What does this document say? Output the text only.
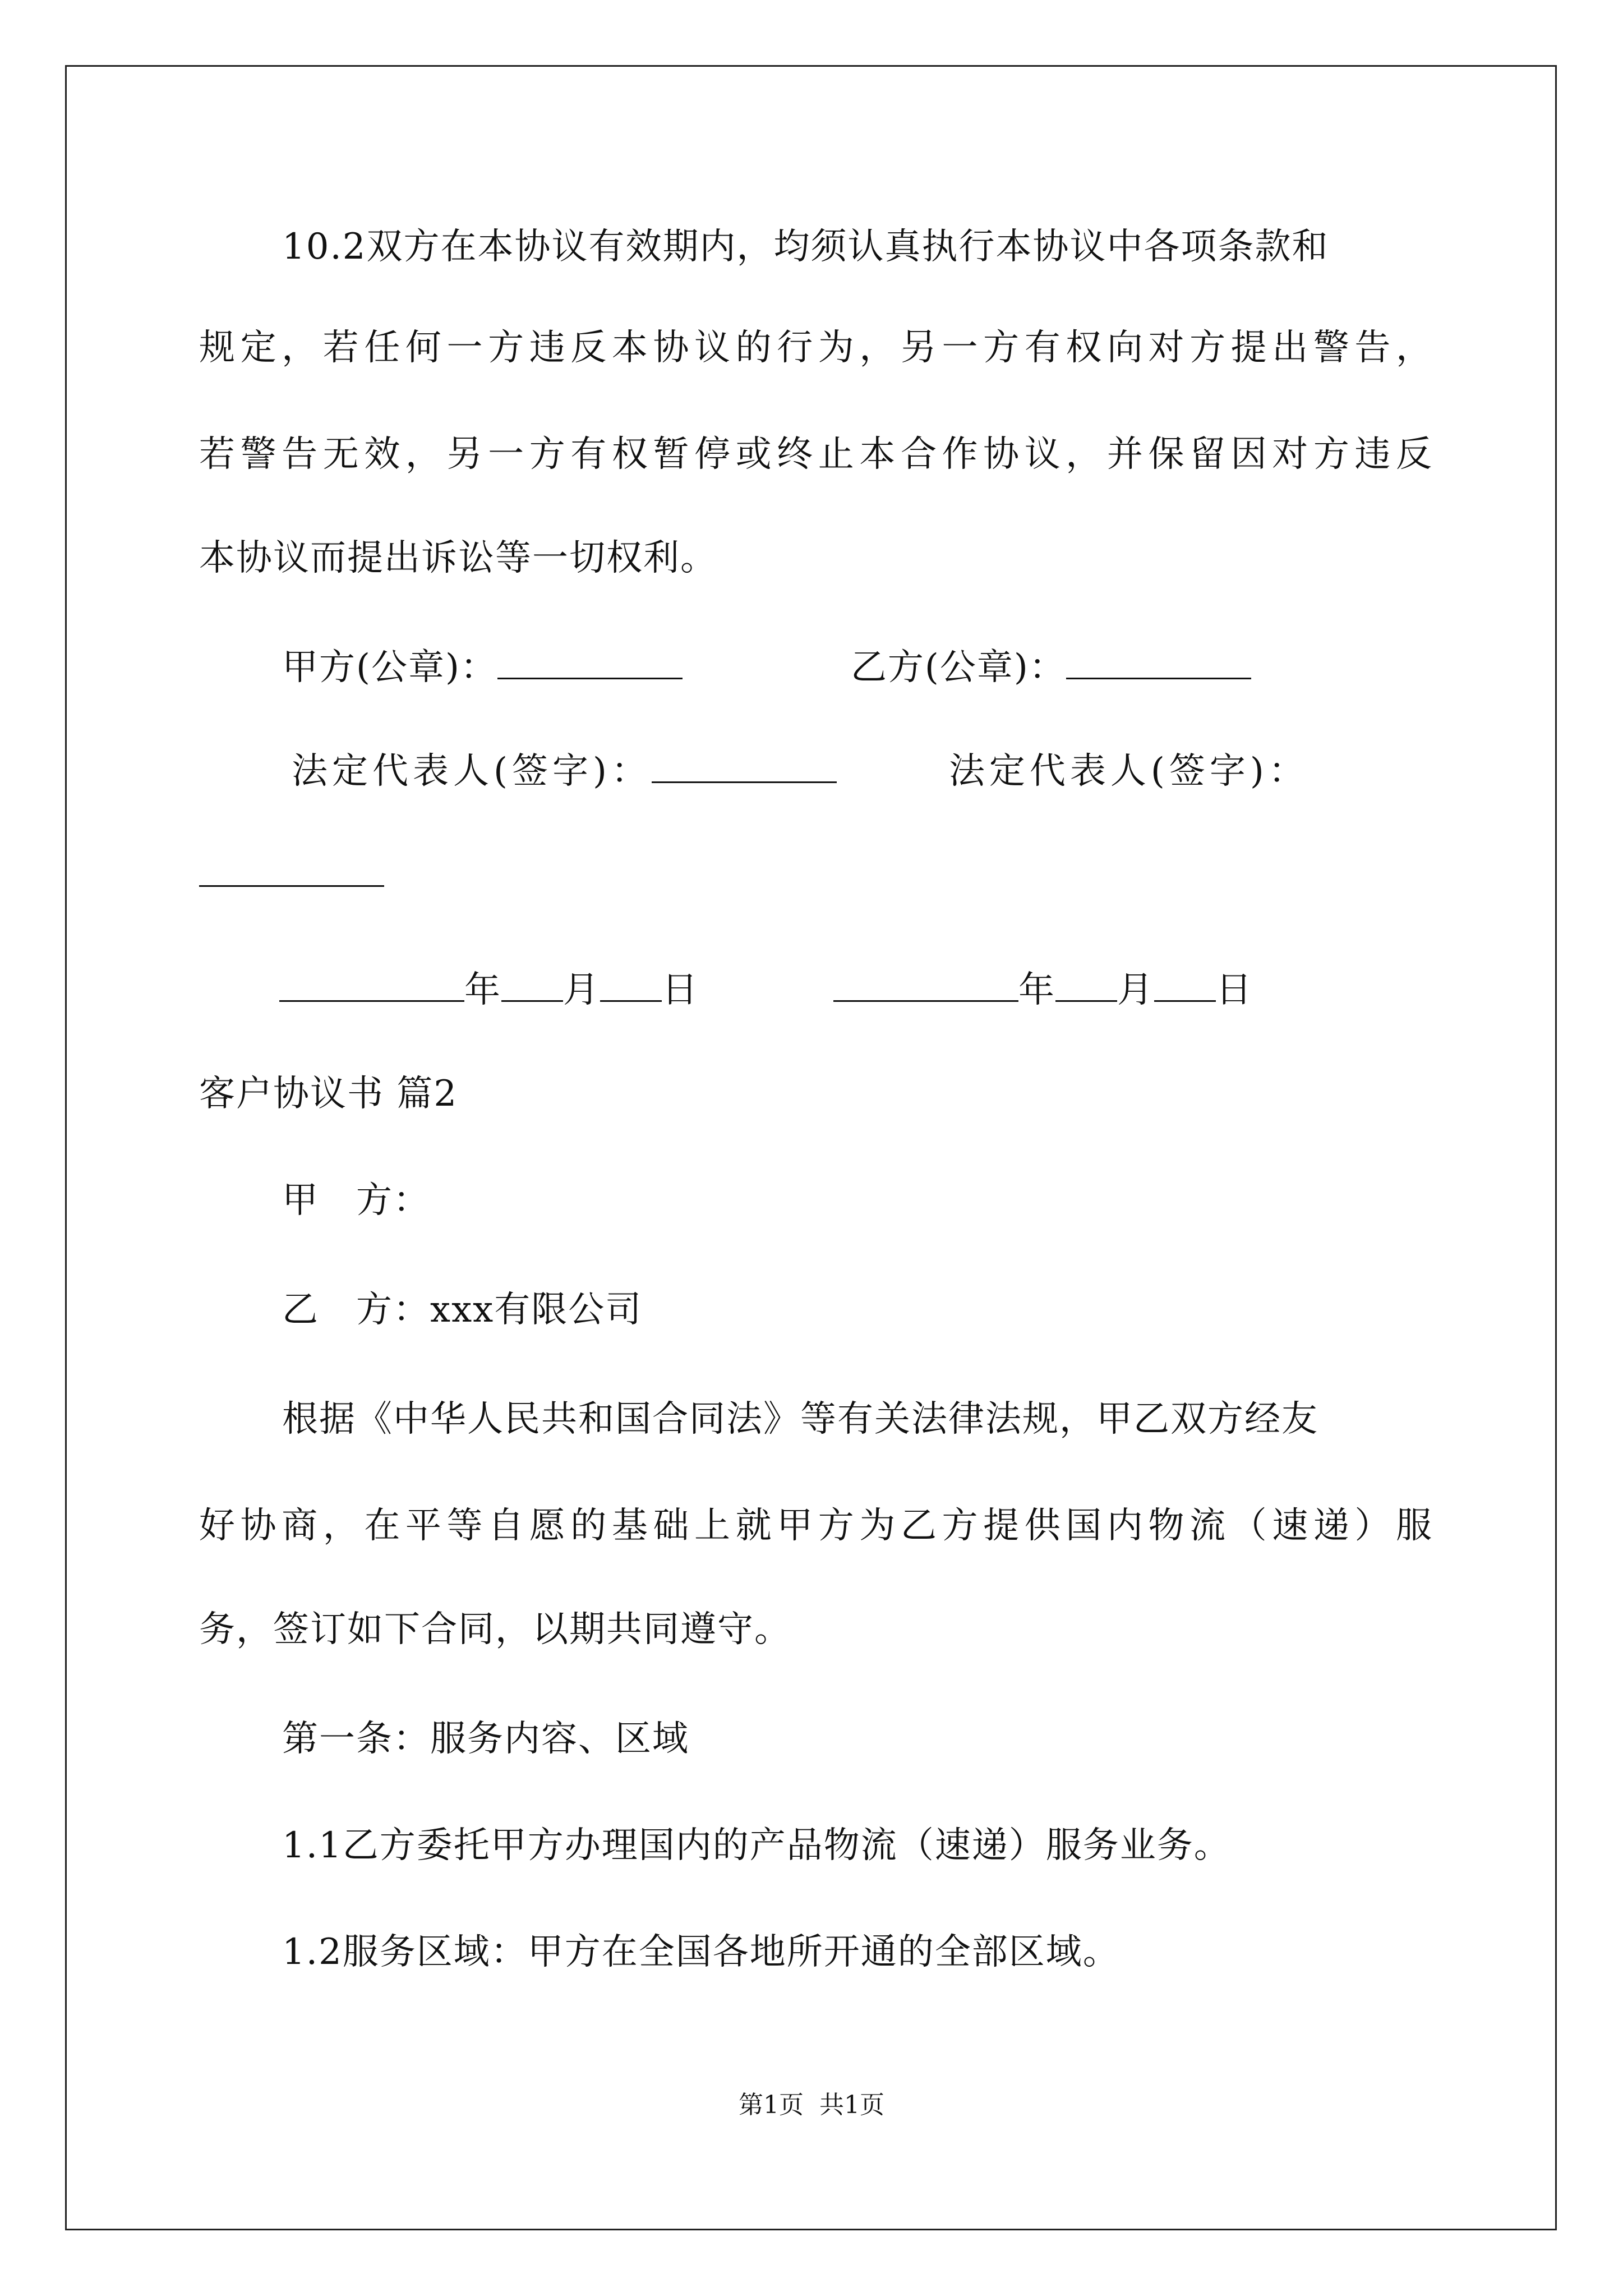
10.2双方在本协议有效期内，均须认真执行本协议中各项条款和
规定，若任何一方违反本协议的行为，另一方有权向对方提出警告，
若警告无效，另一方有权暂停或终止本合作协议，并保留因对方违反
本协议而提出诉讼等一切权利。
甲方(公章)：	乙方(公章)：
法定代表人(签字)：	法定代表人(签字)：
年 月 日	年 月 日
客户协议书 篇2
甲　方：
乙　方：xxx有限公司
根据《中华人民共和国合同法》等有关法律法规，甲乙双方经友
好协商，在平等自愿的基础上就甲方为乙方提供国内物流（速递）服
务，签订如下合同，以期共同遵守。
第一条：服务内容、区域
1.1乙方委托甲方办理国内的产品物流（速递）服务业务。
1.2服务区域：甲方在全国各地所开通的全部区域。
第1页 共1页
